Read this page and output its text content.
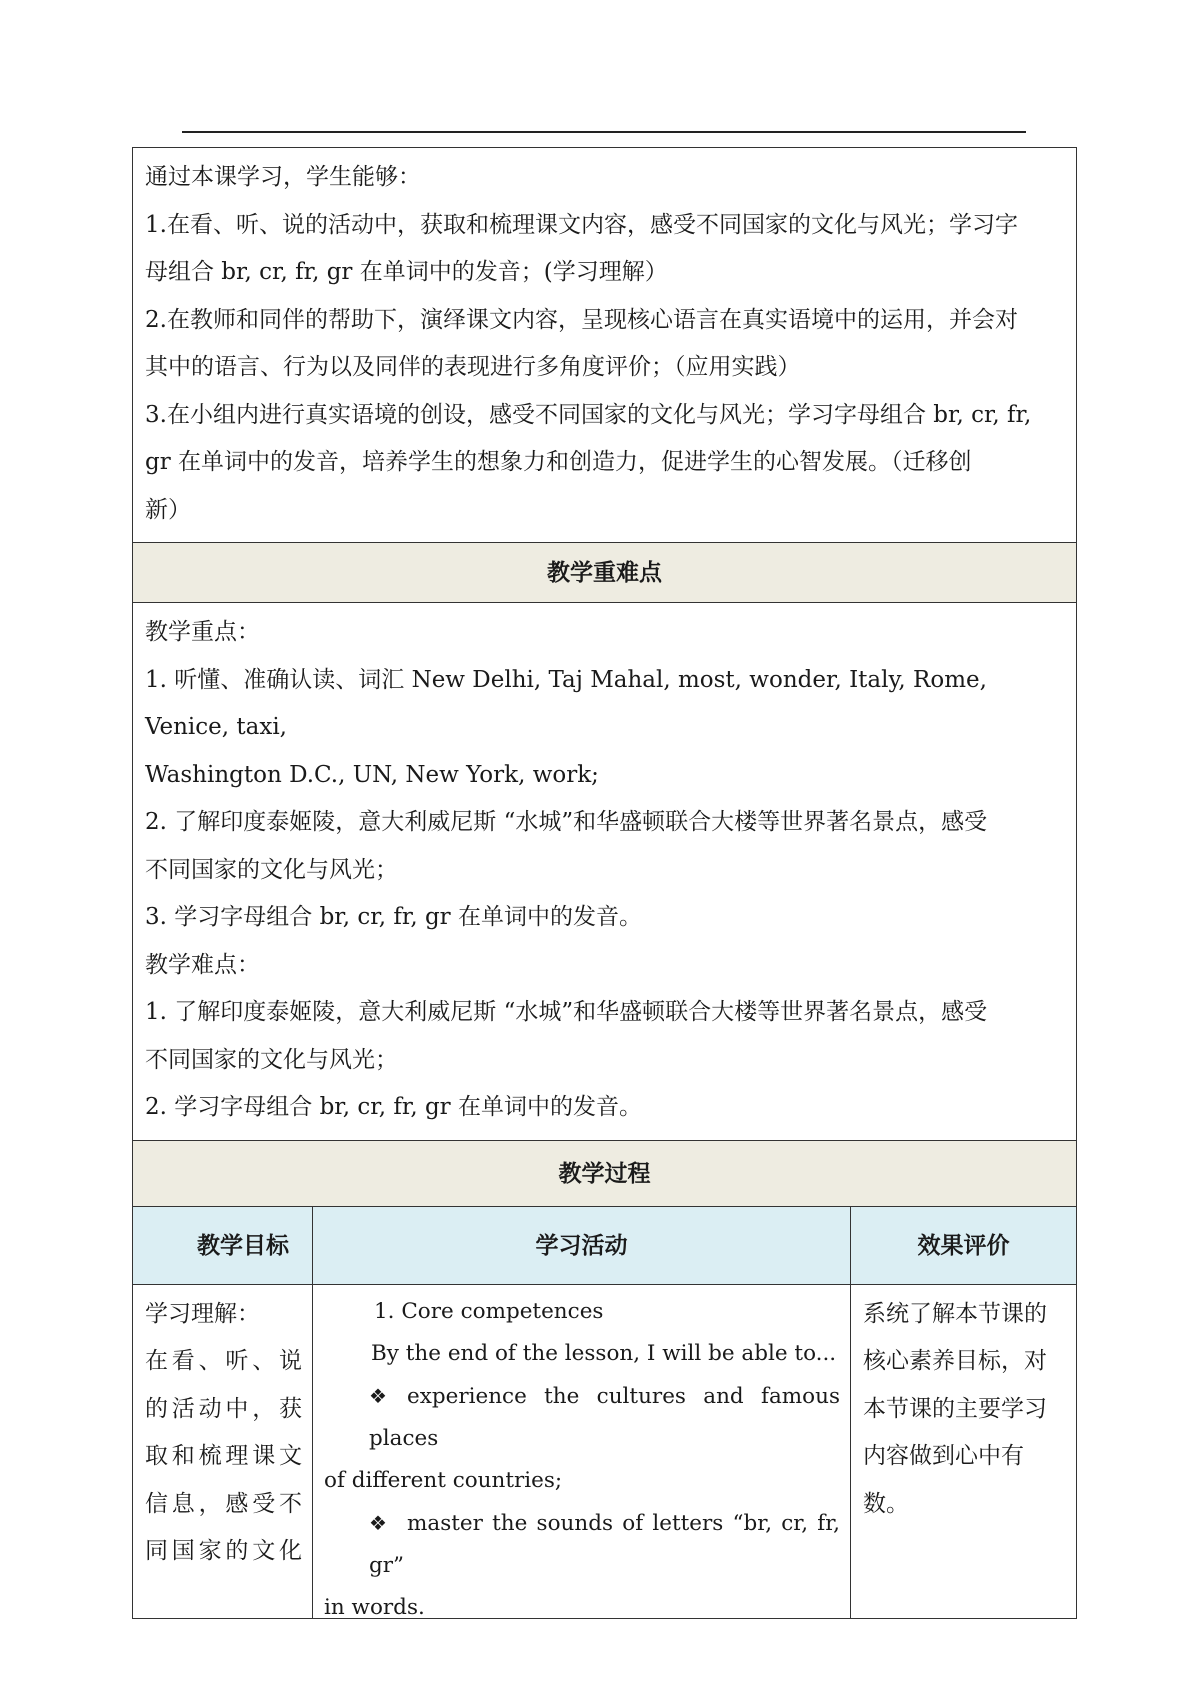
通过本课学习，学生能够：

1.在看、听、说的活动中，获取和梳理课文内容，感受不同国家的文化与风光；学习字

母组合 br, cr, fr, gr 在单词中的发音；(学习理解）

2.在教师和同伴的帮助下，演绎课文内容，呈现核心语言在真实语境中的运用，并会对

其中的语言、行为以及同伴的表现进行多角度评价；（应用实践）

3.在小组内进行真实语境的创设，感受不同国家的文化与风光；学习字母组合 br, cr, fr,

gr 在单词中的发音，培养学生的想象力和创造力，促进学生的心智发展。（迁移创

新）

教学重难点

教学重点：

1. 听懂、准确认读、词汇 New Delhi, Taj Mahal, most, wonder, Italy, Rome, Venice, taxi,

Washington D.C., UN, New York, work;

2. 了解印度泰姬陵，意大利威尼斯 “水城”和华盛顿联合大楼等世界著名景点，感受

不同国家的文化与风光；

3. 学习字母组合 br, cr, fr, gr 在单词中的发音。

教学难点：

1. 了解印度泰姬陵，意大利威尼斯 “水城”和华盛顿联合大楼等世界著名景点，感受

不同国家的文化与风光；

2. 学习字母组合 br, cr, fr, gr 在单词中的发音。

教学过程
教学目标	学习活动	效果评价
学习理解：
在看、听、说
的活动中，获
取和梳理课文
信息，感受不
同国家的文化
1. Core competences
By the end of the lesson, I will be able to...
❖ experience the cultures and famous places
of different countries;
❖ master the sounds of letters “br, cr, fr, gr”
in words.
系统了解本节课的
核心素养目标，对
本节课的主要学习
内容做到心中有
数。
